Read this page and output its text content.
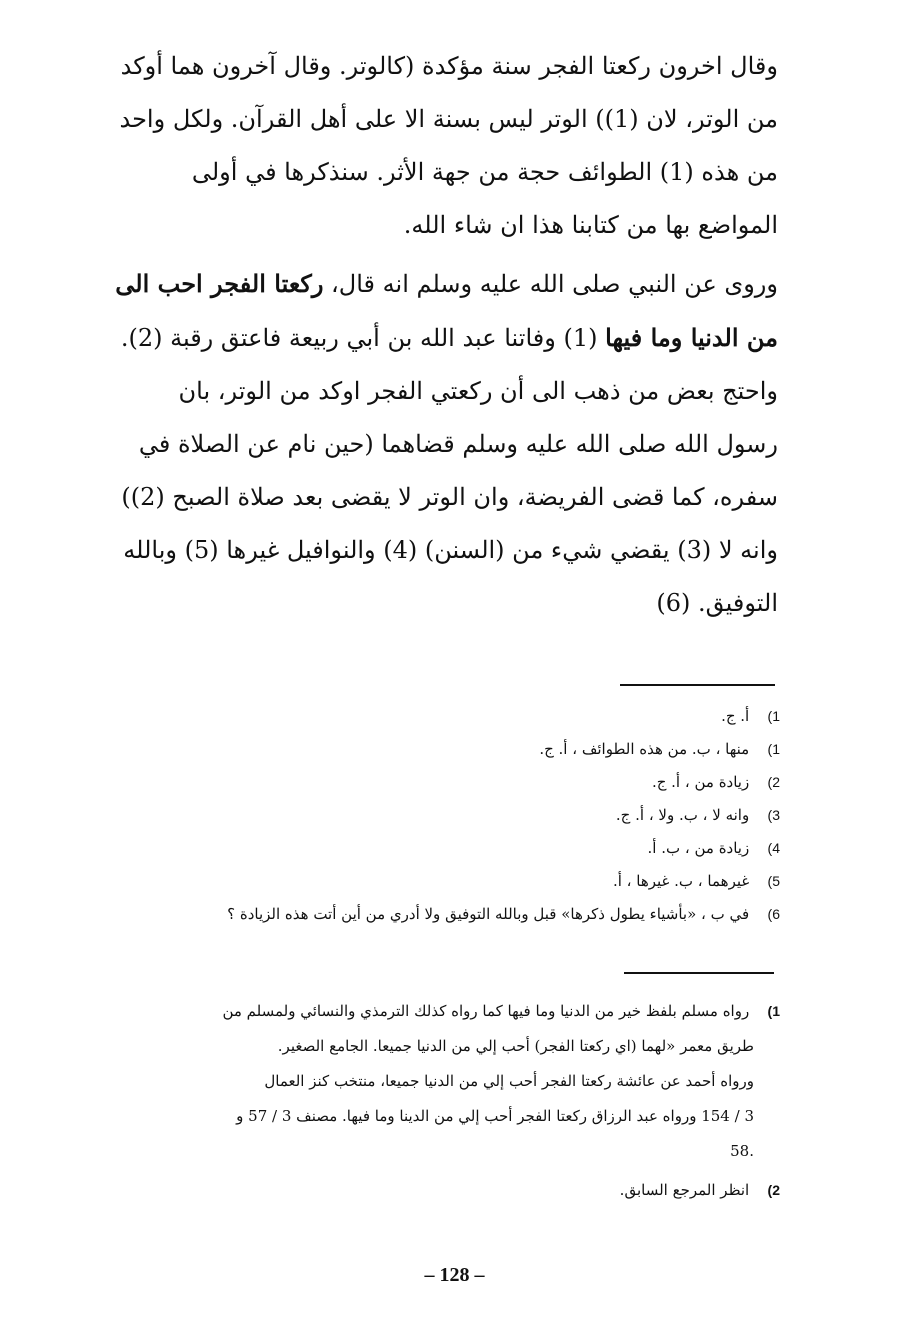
وقال اخرون ركعتا الفجر سنة مؤكدة (كالوتر. وقال آخرون هما أوكد من الوتر، لان (1)) الوتر ليس بسنة الا على أهل القرآن. ولكل واحد من هذه (1) الطوائف حجة من جهة الأثر. سنذكرها في أولى المواضع بها من كتابنا هذا ان شاء الله.

وروى عن النبي صلى الله عليه وسلم انه قال، ركعتا الفجر احب الى من الدنيا وما فيها (1) وفاتنا عبد الله بن أبي ربيعة فاعتق رقبة (2). واحتج بعض من ذهب الى أن ركعتي الفجر اوكد من الوتر، بان رسول الله صلى الله عليه وسلم قضاهما (حين نام عن الصلاة في سفره، كما قضى الفريضة، وان الوتر لا يقضى بعد صلاة الصبح (2)) وانه لا (3) يقضي شيء من (السنن) (4) والنوافيل غيرها (5) وبالله التوفيق. (6)

1) أ. ج.
1) منها ، ب. من هذه الطوائف ، أ. ج.
2) زيادة من ، أ. ج.
3) وانه لا ، ب. ولا ، أ. ج.
4) زيادة من ، ب. أ.
5) غيرهما ، ب. غيرها ، أ.
6) في ب ، «بأشياء يطول ذكرها» قبل وبالله التوفيق ولا أدري من أين أتت هذه الزيادة ؟
1) رواه مسلم بلفظ خير من الدنيا وما فيها كما رواه كذلك الترمذي والنسائي ولمسلم من
طريق معمر «لهما (اي ركعتا الفجر) أحب إلي من الدنيا جميعا. الجامع الصغير.
ورواه أحمد عن عائشة ركعتا الفجر أحب إلي من الدنيا جميعا، منتخب كنز العمال
3 / 154 ورواه عبد الرزاق ركعتا الفجر أحب إلي من الدينا وما فيها. مصنف 3 / 57 و
.58
2) انظر المرجع السابق.
– 128 –
